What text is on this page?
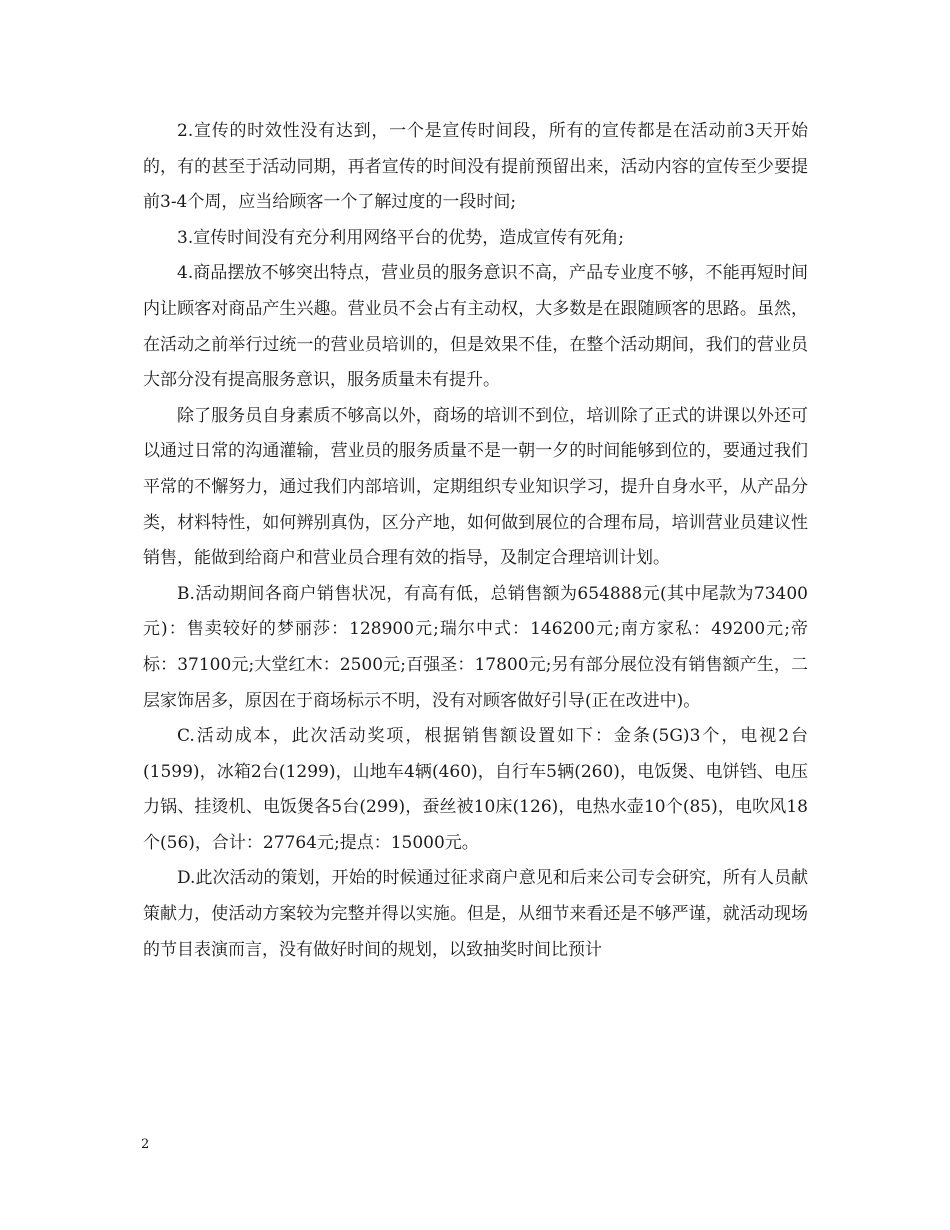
2.宣传的时效性没有达到，一个是宣传时间段，所有的宣传都是在活动前3天开始的，有的甚至于活动同期，再者宣传的时间没有提前预留出来，活动内容的宣传至少要提前3-4个周，应当给顾客一个了解过度的一段时间;

3.宣传时间没有充分利用网络平台的优势，造成宣传有死角;

4.商品摆放不够突出特点，营业员的服务意识不高，产品专业度不够，不能再短时间内让顾客对商品产生兴趣。营业员不会占有主动权，大多数是在跟随顾客的思路。虽然，在活动之前举行过统一的营业员培训的，但是效果不佳，在整个活动期间，我们的营业员大部分没有提高服务意识，服务质量未有提升。

除了服务员自身素质不够高以外，商场的培训不到位，培训除了正式的讲课以外还可以通过日常的沟通灌输，营业员的服务质量不是一朝一夕的时间能够到位的，要通过我们平常的不懈努力，通过我们内部培训，定期组织专业知识学习，提升自身水平，从产品分类，材料特性，如何辨别真伪，区分产地，如何做到展位的合理布局，培训营业员建议性销售，能做到给商户和营业员合理有效的指导，及制定合理培训计划。

B.活动期间各商户销售状况，有高有低，总销售额为654888元(其中尾款为73400元)：售卖较好的梦丽莎：128900元;瑞尔中式：146200元;南方家私：49200元;帝标：37100元;大堂红木：2500元;百强圣：17800元;另有部分展位没有销售额产生，二层家饰居多，原因在于商场标示不明，没有对顾客做好引导(正在改进中)。

C.活动成本，此次活动奖项，根据销售额设置如下：金条(5G)3个，电视2台(1599)，冰箱2台(1299)，山地车4辆(460)，自行车5辆(260)，电饭煲、电饼铛、电压力锅、挂烫机、电饭煲各5台(299)，蚕丝被10床(126)，电热水壶10个(85)，电吹风18个(56)，合计：27764元;提点：15000元。

D.此次活动的策划，开始的时候通过征求商户意见和后来公司专会研究，所有人员献策献力，使活动方案较为完整并得以实施。但是，从细节来看还是不够严谨，就活动现场的节目表演而言，没有做好时间的规划，以致抽奖时间比预计

2
